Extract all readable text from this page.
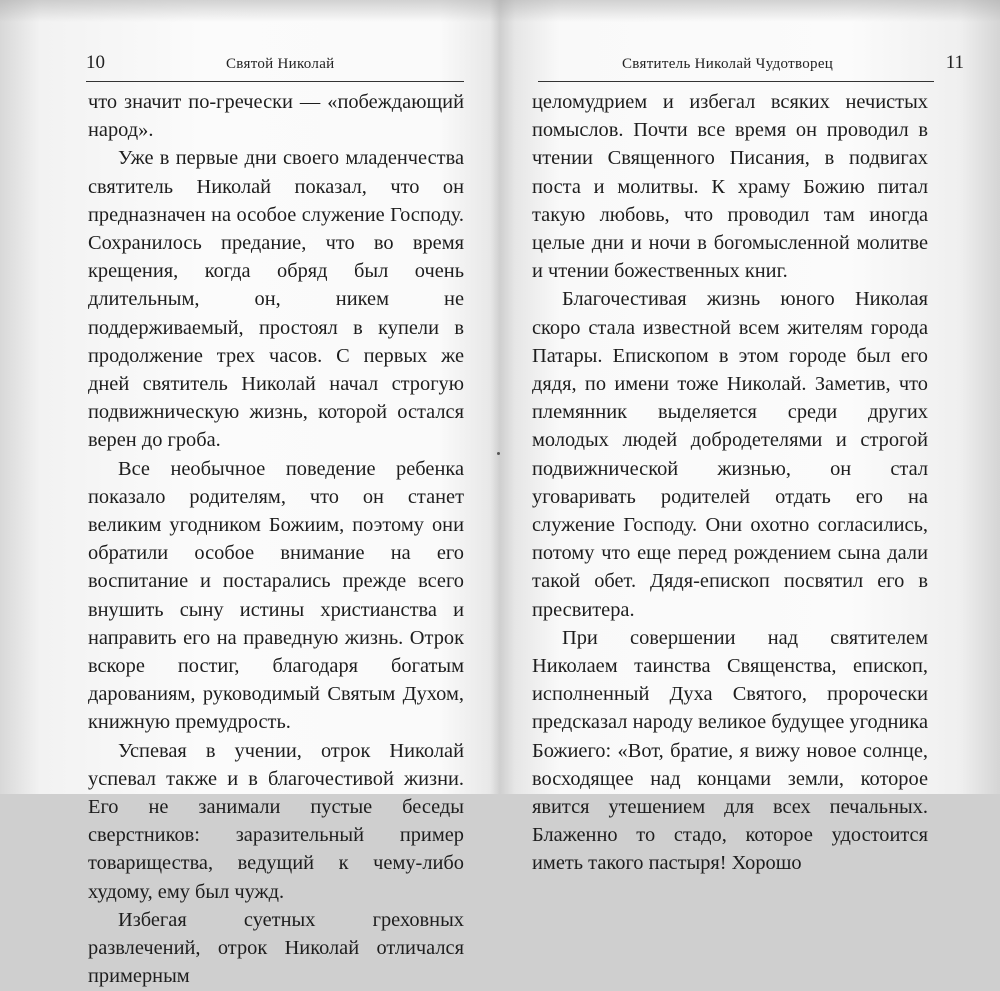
10	Святой Николай

что значит по-гречески — «побеждающий народ».

Уже в первые дни своего младенчества святитель Николай показал, что он предназначен на особое служение Господу. Сохранилось предание, что во время крещения, когда обряд был очень длительным, он, никем не поддерживаемый, простоял в купели в продолжение трех часов. С первых же дней святитель Николай начал строгую подвижническую жизнь, которой остался верен до гроба.

Все необычное поведение ребенка показало родителям, что он станет великим угодником Божиим, поэтому они обратили особое внимание на его воспитание и постарались прежде всего внушить сыну истины христианства и направить его на праведную жизнь. Отрок вскоре постиг, благодаря богатым дарованиям, руководимый Святым Духом, книжную премудрость.

Успевая в учении, отрок Николай успевал также и в благочестивой жизни. Его не занимали пустые беседы сверстников: заразительный пример товарищества, ведущий к чему-либо худому, ему был чужд.

Избегая суетных греховных развлечений, отрок Николай отличался примерным

Святитель Николай Чудотворец	11

целомудрием и избегал всяких нечистых помыслов. Почти все время он проводил в чтении Священного Писания, в подвигах поста и молитвы. К храму Божию питал такую любовь, что проводил там иногда целые дни и ночи в богомысленной молитве и чтении божественных книг.

Благочестивая жизнь юного Николая скоро стала известной всем жителям города Патары. Епископом в этом городе был его дядя, по имени тоже Николай. Заметив, что племянник выделяется среди других молодых людей добродетелями и строгой подвижнической жизнью, он стал уговаривать родителей отдать его на служение Господу. Они охотно согласились, потому что еще перед рождением сына дали такой обет. Дядя-епископ посвятил его в пресвитера.

При совершении над святителем Николаем таинства Священства, епископ, исполненный Духа Святого, пророчески предсказал народу великое будущее угодника Божиего: «Вот, братие, я вижу новое солнце, восходящее над концами земли, которое явится утешением для всех печальных. Блаженно то стадо, которое удостоится иметь такого пастыря! Хорошо
